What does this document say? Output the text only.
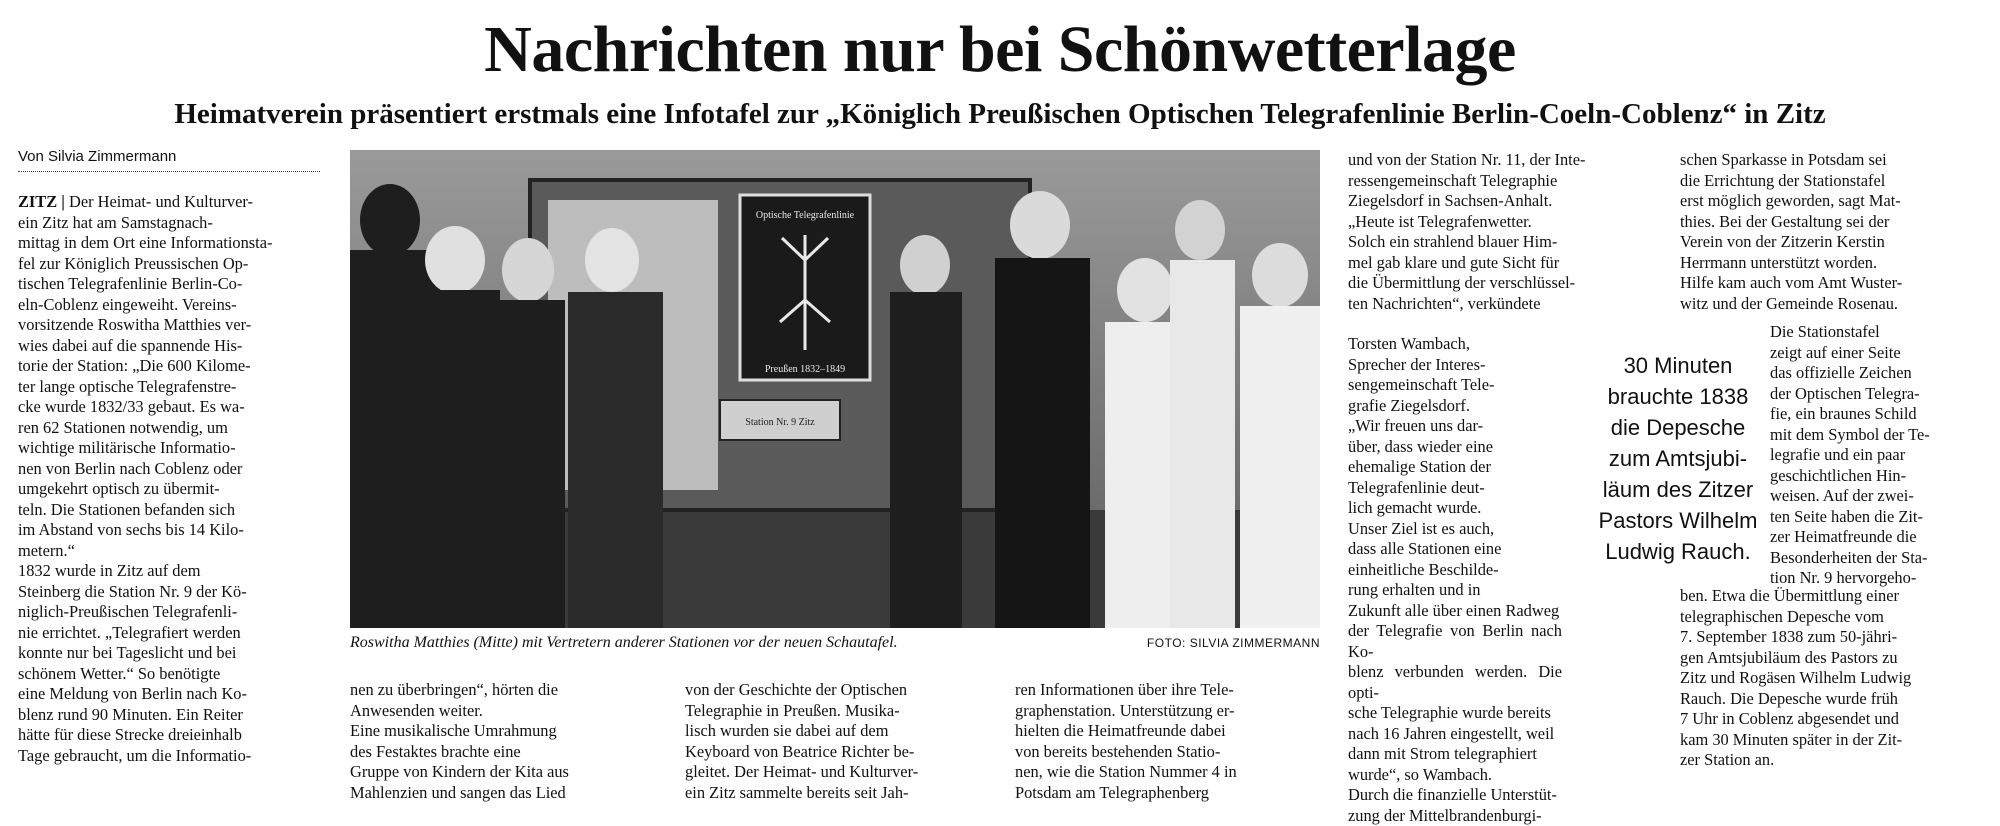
Nachrichten nur bei Schönwetterlage
Heimatverein präsentiert erstmals eine Infotafel zur „Königlich Preußischen Optischen Telegrafenlinie Berlin-Coeln-Coblenz“ in Zitz
Von Silvia Zimmermann
ZITZ | Der Heimat- und Kulturver-
ein Zitz hat am Samstagnach-
mittag in dem Ort eine Informationsta-
fel zur Königlich Preussischen Op-
tischen Telegrafenlinie Berlin-Co-
eln-Coblenz eingeweiht. Vereins-
vorsitzende Roswitha Matthies ver-
wies dabei auf die spannende His-
torie der Station: „Die 600 Kilome-
ter lange optische Telegrafenstre-
cke wurde 1832/33 gebaut. Es wa-
ren 62 Stationen notwendig, um
wichtige militärische Informatio-
nen von Berlin nach Coblenz oder
umgekehrt optisch zu übermit-
teln. Die Stationen befanden sich
im Abstand von sechs bis 14 Kilo-
metern.“
1832 wurde in Zitz auf dem
Steinberg die Station Nr. 9 der Kö-
niglich-Preußischen Telegrafenli-
nie errichtet. „Telegrafiert werden
konnte nur bei Tageslicht und bei
schönem Wetter.“ So benötigte
eine Meldung von Berlin nach Ko-
blenz rund 90 Minuten. Ein Reiter
hätte für diese Strecke dreieinhalb
Tage gebraucht, um die Informatio-
Optische Telegrafenlinie
Preußen 1832–1849
Station Nr. 9 Zitz
Roswitha Matthies (Mitte) mit Vertretern anderer Stationen vor der neuen Schautafel.	FOTO: SILVIA ZIMMERMANN
nen zu überbringen“, hörten die
Anwesenden weiter.
Eine musikalische Umrahmung
des Festaktes brachte eine
Gruppe von Kindern der Kita aus
Mahlenzien und sangen das Lied
von der Geschichte der Optischen
Telegraphie in Preußen. Musika-
lisch wurden sie dabei auf dem
Keyboard von Beatrice Richter be-
gleitet. Der Heimat- und Kulturver-
ein Zitz sammelte bereits seit Jah-
ren Informationen über ihre Tele-
graphenstation. Unterstützung er-
hielten die Heimatfreunde dabei
von bereits bestehenden Statio-
nen, wie die Station Nummer 4 in
Potsdam am Telegraphenberg
und von der Station Nr. 11, der Inte-
ressengemeinschaft Telegraphie
Ziegelsdorf in Sachsen-Anhalt.
„Heute ist Telegrafenwetter.
Solch ein strahlend blauer Him-
mel gab klare und gute Sicht für
die Übermittlung der verschlüssel-
ten Nachrichten“, verkündete
Torsten Wambach,
Sprecher der Interes-
sengemeinschaft Tele-
grafie Ziegelsdorf.
„Wir freuen uns dar-
über, dass wieder eine
ehemalige Station der
Telegrafenlinie deut-
lich gemacht wurde.
Unser Ziel ist es auch,
dass alle Stationen eine
einheitliche Beschilde-
rung erhalten und in
Zukunft alle über einen Radweg
der Telegrafie von Berlin nach Ko-
blenz verbunden werden. Die opti-
sche Telegraphie wurde bereits
nach 16 Jahren eingestellt, weil
dann mit Strom telegraphiert
wurde“, so Wambach.
Durch die finanzielle Unterstüt-
zung der Mittelbrandenburgi-
30 Minuten
brauchte 1838
die Depesche
zum Amtsjubi-
läum des Zitzer
Pastors Wilhelm
Ludwig Rauch.
schen Sparkasse in Potsdam sei
die Errichtung der Stationstafel
erst möglich geworden, sagt Mat-
thies. Bei der Gestaltung sei der
Verein von der Zitzerin Kerstin
Herrmann unterstützt worden.
Hilfe kam auch vom Amt Wuster-
witz und der Gemeinde Rosenau.
Die Stationstafel
zeigt auf einer Seite
das offizielle Zeichen
der Optischen Telegra-
fie, ein braunes Schild
mit dem Symbol der Te-
legrafie und ein paar
geschichtlichen Hin-
weisen. Auf der zwei-
ten Seite haben die Zit-
zer Heimatfreunde die
Besonderheiten der Sta-
tion Nr. 9 hervorgeho-
ben. Etwa die Übermittlung einer
telegraphischen Depesche vom
7. September 1838 zum 50-jähri-
gen Amtsjubiläum des Pastors zu
Zitz und Rogäsen Wilhelm Ludwig
Rauch. Die Depesche wurde früh
7 Uhr in Coblenz abgesendet und
kam 30 Minuten später in der Zit-
zer Station an.
